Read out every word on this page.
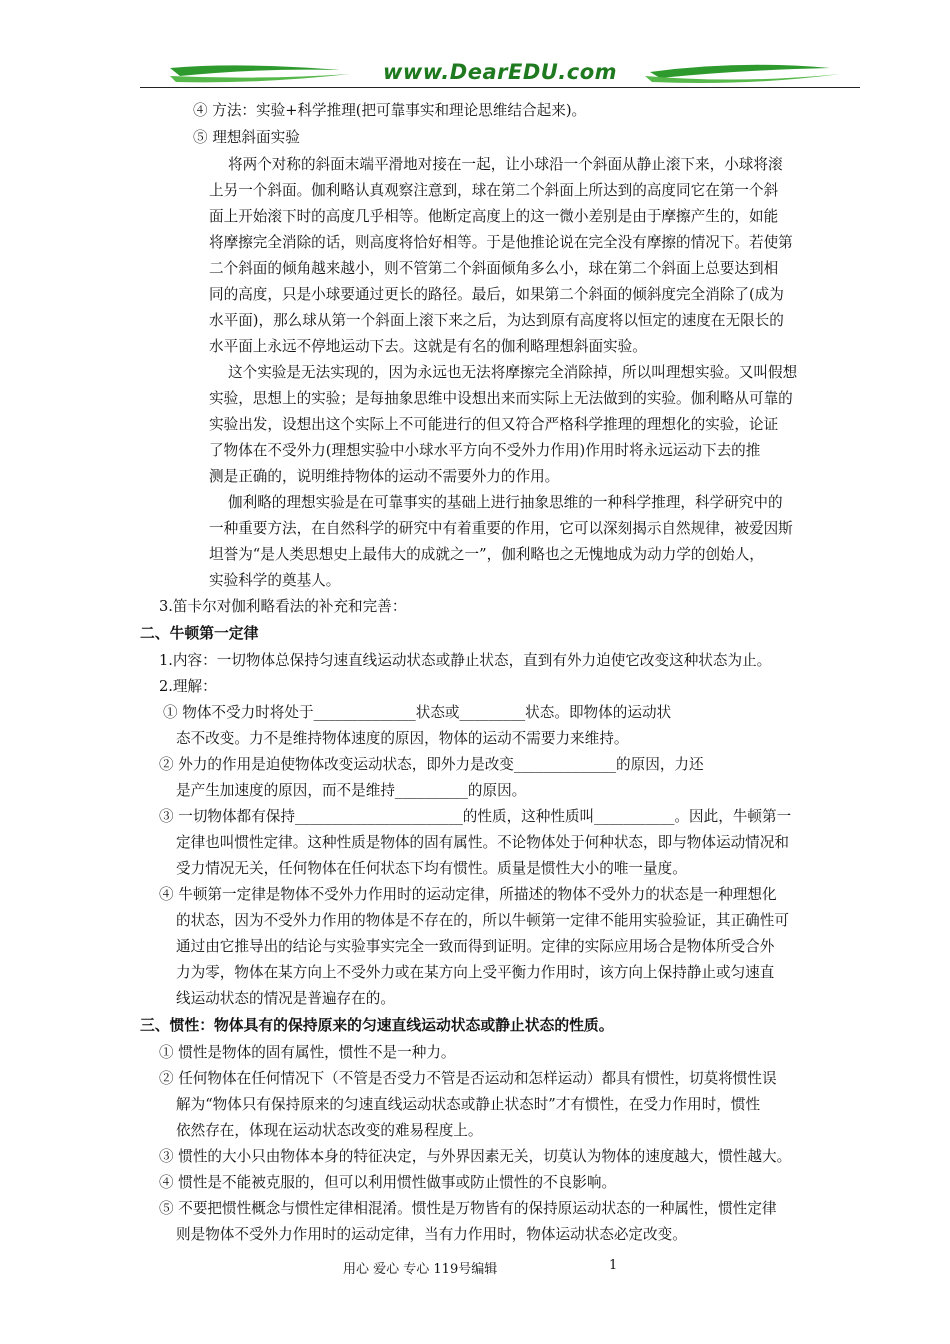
www.DearEDU.com
④ 方法：实验+科学推理(把可靠事实和理论思维结合起来)。
⑤ 理想斜面实验
将两个对称的斜面末端平滑地对接在一起，让小球沿一个斜面从静止滚下来，小球将滚
上另一个斜面。伽利略认真观察注意到，球在第二个斜面上所达到的高度同它在第一个斜
面上开始滚下时的高度几乎相等。他断定高度上的这一微小差别是由于摩擦产生的，如能
将摩擦完全消除的话，则高度将恰好相等。于是他推论说在完全没有摩擦的情况下。若使第
二个斜面的倾角越来越小，则不管第二个斜面倾角多么小，球在第二个斜面上总要达到相
同的高度，只是小球要通过更长的路径。最后，如果第二个斜面的倾斜度完全消除了(成为
水平面)，那么球从第一个斜面上滚下来之后，为达到原有高度将以恒定的速度在无限长的
水平面上永远不停地运动下去。这就是有名的伽利略理想斜面实验。
这个实验是无法实现的，因为永远也无法将摩擦完全消除掉，所以叫理想实验。又叫假想
实验，思想上的实验；是每抽象思维中设想出来而实际上无法做到的实验。伽利略从可靠的
实验出发，设想出这个实际上不可能进行的但又符合严格科学推理的理想化的实验，论证
了物体在不受外力(理想实验中小球水平方向不受外力作用)作用时将永远运动下去的推
测是正确的，说明维持物体的运动不需要外力的作用。
伽利略的理想实验是在可靠事实的基础上进行抽象思维的一种科学推理，科学研究中的
一种重要方法，在自然科学的研究中有着重要的作用，它可以深刻揭示自然规律，被爱因斯
坦誉为“是人类思想史上最伟大的成就之一”，伽利略也之无愧地成为动力学的创始人，
实验科学的奠基人。
3.笛卡尔对伽利略看法的补充和完善：
二、牛顿第一定律
1.内容：一切物体总保持匀速直线运动状态或静止状态，直到有外力迫使它改变这种状态为止。
2.理解：
① 物体不受力时将处于______________状态或_________状态。即物体的运动状
态不改变。力不是维持物体速度的原因，物体的运动不需要力来维持。
② 外力的作用是迫使物体改变运动状态，即外力是改变______________的原因，力还
是产生加速度的原因，而不是维持__________的原因。
③ 一切物体都有保持_______________________的性质，这种性质叫___________。因此，牛顿第一
定律也叫惯性定律。这种性质是物体的固有属性。不论物体处于何种状态，即与物体运动情况和
受力情况无关，任何物体在任何状态下均有惯性。质量是惯性大小的唯一量度。
④ 牛顿第一定律是物体不受外力作用时的运动定律，所描述的物体不受外力的状态是一种理想化
的状态，因为不受外力作用的物体是不存在的，所以牛顿第一定律不能用实验验证，其正确性可
通过由它推导出的结论与实验事实完全一致而得到证明。定律的实际应用场合是物体所受合外
力为零，物体在某方向上不受外力或在某方向上受平衡力作用时，该方向上保持静止或匀速直
线运动状态的情况是普遍存在的。
三、惯性：物体具有的保持原来的匀速直线运动状态或静止状态的性质。
① 惯性是物体的固有属性，惯性不是一种力。
② 任何物体在任何情况下（不管是否受力不管是否运动和怎样运动）都具有惯性，切莫将惯性误
解为“物体只有保持原来的匀速直线运动状态或静止状态时”才有惯性，在受力作用时，惯性
依然存在，体现在运动状态改变的难易程度上。
③ 惯性的大小只由物体本身的特征决定，与外界因素无关，切莫认为物体的速度越大，惯性越大。
④ 惯性是不能被克服的，但可以利用惯性做事或防止惯性的不良影响。
⑤ 不要把惯性概念与惯性定律相混淆。惯性是万物皆有的保持原运动状态的一种属性，惯性定律
则是物体不受外力作用时的运动定律，当有力作用时，物体运动状态必定改变。
用心 爱心 专心 119号编辑	1
